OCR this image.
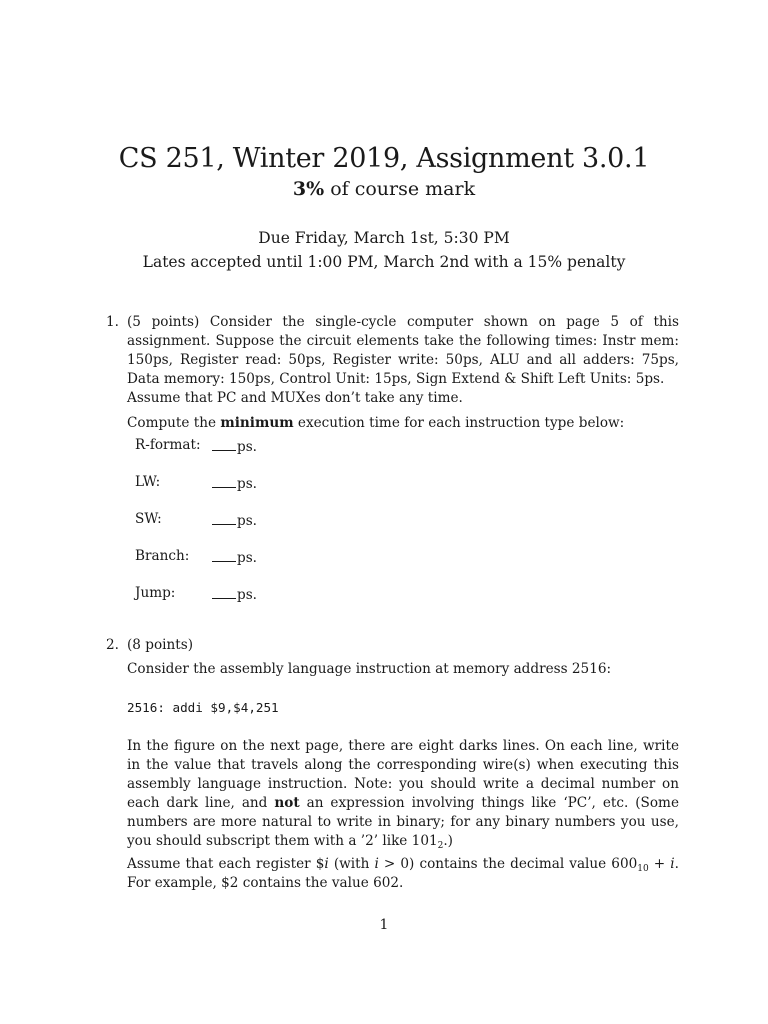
CS 251, Winter 2019, Assignment 3.0.1
3% of course mark
Due Friday, March 1st, 5:30 PM
Lates accepted until 1:00 PM, March 2nd with a 15% penalty
1. (5 points) Consider the single-cycle computer shown on page 5 of this assignment. Suppose the circuit elements take the following times: Instr mem: 150ps, Register read: 50ps, Register write: 50ps, ALU and all adders: 75ps, Data memory: 150ps, Control Unit: 15ps, Sign Extend & Shift Left Units: 5ps.

Assume that PC and MUXes don’t take any time.

Compute the minimum execution time for each instruction type below:

R-format:	ps.
LW:	ps.
SW:	ps.
Branch:	ps.
Jump:	ps.
2. (8 points)

Consider the assembly language instruction at memory address 2516:

2516: addi $9,$4,251

In the figure on the next page, there are eight darks lines. On each line, write in the value that travels along the corresponding wire(s) when executing this assembly language instruction. Note: you should write a decimal number on each dark line, and not an expression involving things like ‘PC’, etc. (Some numbers are more natural to write in binary; for any binary numbers you use, you should subscript them with a ’2’ like $101_2$.)

Assume that each register $i (with i > 0) contains the decimal value $600_{10} + i$. For example, $2 contains the value 602.

1
